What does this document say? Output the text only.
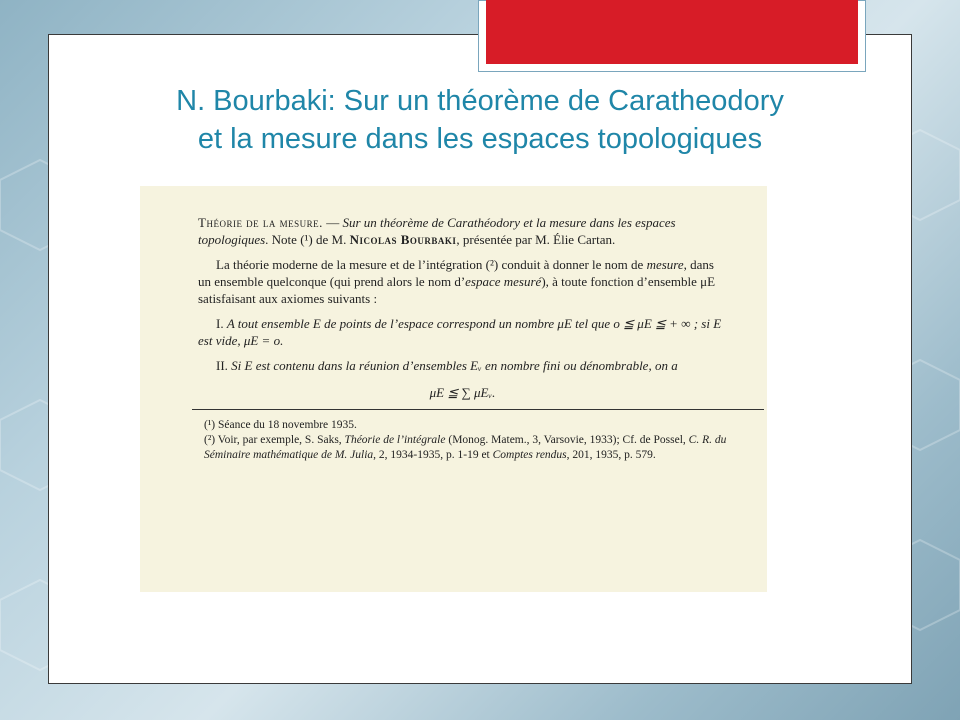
N. Bourbaki: Sur un théorème de Caratheodory
et la mesure dans les espaces topologiques

Théorie de la mesure. — Sur un théorème de Carathéodory et la mesure dans les espaces topologiques. Note (¹) de M. Nicolas Bourbaki, présentée par M. Élie Cartan.

La théorie moderne de la mesure et de l’intégration (²) conduit à donner le nom de mesure, dans un ensemble quelconque (qui prend alors le nom d’espace mesuré), à toute fonction d’ensemble μE satisfaisant aux axiomes suivants :

I. A tout ensemble E de points de l’espace correspond un nombre μE tel que o ≦ μE ≦ + ∞ ; si E est vide, μE = o.

II. Si E est contenu dans la réunion d’ensembles Eᵥ en nombre fini ou dénombrable, on a

μE ≦ ∑ μEᵥ.

(¹) Séance du 18 novembre 1935.

(²) Voir, par exemple, S. Saks, Théorie de l’intégrale (Monog. Matem., 3, Varsovie, 1933); Cf. de Possel, C. R. du Séminaire mathématique de M. Julia, 2, 1934-1935, p. 1-19 et Comptes rendus, 201, 1935, p. 579.
